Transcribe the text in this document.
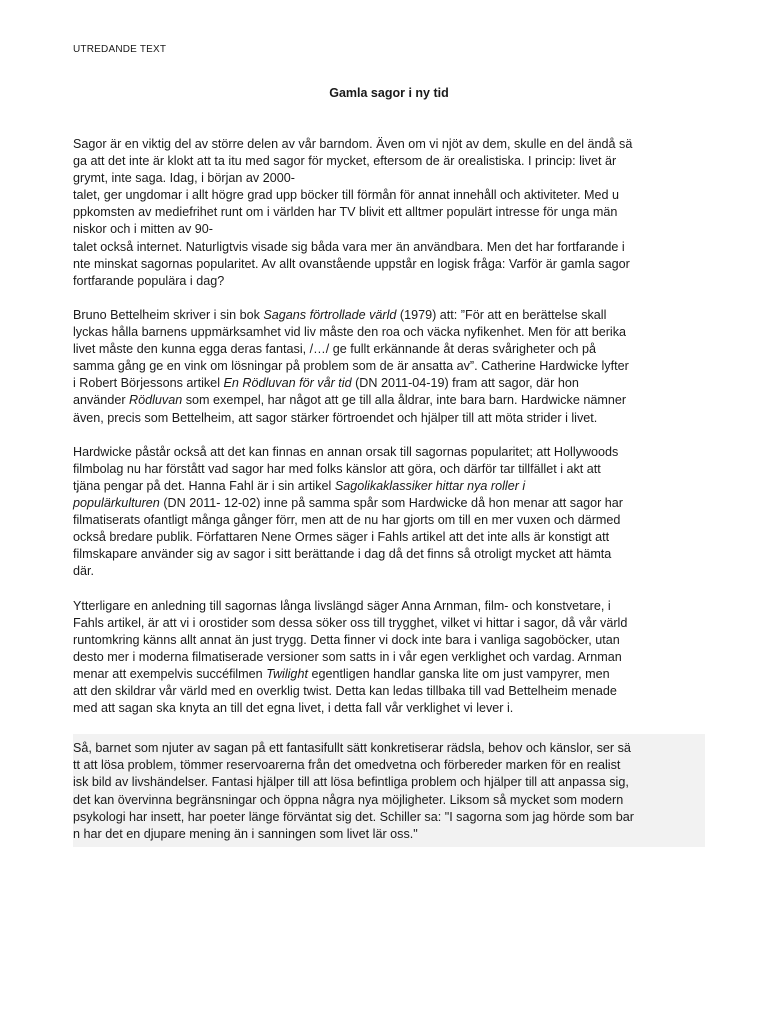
UTREDANDE TEXT
Gamla sagor i ny tid
Sagor är en viktig del av större delen av vår barndom. Även om vi njöt av dem, skulle en del ändå sä
ga att det inte är klokt att ta itu med sagor för mycket, eftersom de är orealistiska. I princip: livet är
grymt, inte saga. Idag, i början av 2000-
talet, ger ungdomar i allt högre grad upp böcker till förmån för annat innehåll och aktiviteter. Med u
ppkomsten av mediefrihet runt om i världen har TV blivit ett alltmer populärt intresse för unga män
niskor och i mitten av 90-
talet också internet. Naturligtvis visade sig båda vara mer än användbara. Men det har fortfarande i
nte minskat sagornas popularitet. Av allt ovanstående uppstår en logisk fråga: Varför är gamla sagor
fortfarande populära i dag?
Bruno Bettelheim skriver i sin bok Sagans förtrollade värld (1979) att: ”För att en berättelse skall
lyckas hålla barnens uppmärksamhet vid liv måste den roa och väcka nyfikenhet. Men för att berika
livet måste den kunna egga deras fantasi, /…/ ge fullt erkännande åt deras svårigheter och på
samma gång ge en vink om lösningar på problem som de är ansatta av”. Catherine Hardwicke lyfter
i Robert Börjessons artikel En Rödluvan för vår tid (DN 2011-04-19) fram att sagor, där hon
använder Rödluvan som exempel, har något att ge till alla åldrar, inte bara barn. Hardwicke nämner
även, precis som Bettelheim, att sagor stärker förtroendet och hjälper till att möta strider i livet.
Hardwicke påstår också att det kan finnas en annan orsak till sagornas popularitet; att Hollywoods
filmbolag nu har förstått vad sagor har med folks känslor att göra, och därför tar tillfället i akt att
tjäna pengar på det. Hanna Fahl är i sin artikel Sagolikaklassiker hittar nya roller i
populärkulturen (DN 2011- 12-02) inne på samma spår som Hardwicke då hon menar att sagor har
filmatiserats ofantligt många gånger förr, men att de nu har gjorts om till en mer vuxen och därmed
också bredare publik. Författaren Nene Ormes säger i Fahls artikel att det inte alls är konstigt att
filmskapare använder sig av sagor i sitt berättande i dag då det finns så otroligt mycket att hämta
där.
Ytterligare en anledning till sagornas långa livslängd säger Anna Arnman, film- och konstvetare, i
Fahls artikel, är att vi i orostider som dessa söker oss till trygghet, vilket vi hittar i sagor, då vår värld
runtomkring känns allt annat än just trygg. Detta finner vi dock inte bara i vanliga sagoböcker, utan
desto mer i moderna filmatiserade versioner som satts in i vår egen verklighet och vardag. Arnman
menar att exempelvis succéfilmen Twilight egentligen handlar ganska lite om just vampyrer, men
att den skildrar vår värld med en overklig twist. Detta kan ledas tillbaka till vad Bettelheim menade
med att sagan ska knyta an till det egna livet, i detta fall vår verklighet vi lever i.
Så, barnet som njuter av sagan på ett fantasifullt sätt konkretiserar rädsla, behov och känslor, ser sä
tt att lösa problem, tömmer reservoarerna från det omedvetna och förbereder marken för en realist
isk bild av livshändelser. Fantasi hjälper till att lösa befintliga problem och hjälper till att anpassa sig,
det kan övervinna begränsningar och öppna några nya möjligheter. Liksom så mycket som modern
psykologi har insett, har poeter länge förväntat sig det. Schiller sa: "I sagorna som jag hörde som bar
n har det en djupare mening än i sanningen som livet lär oss."
